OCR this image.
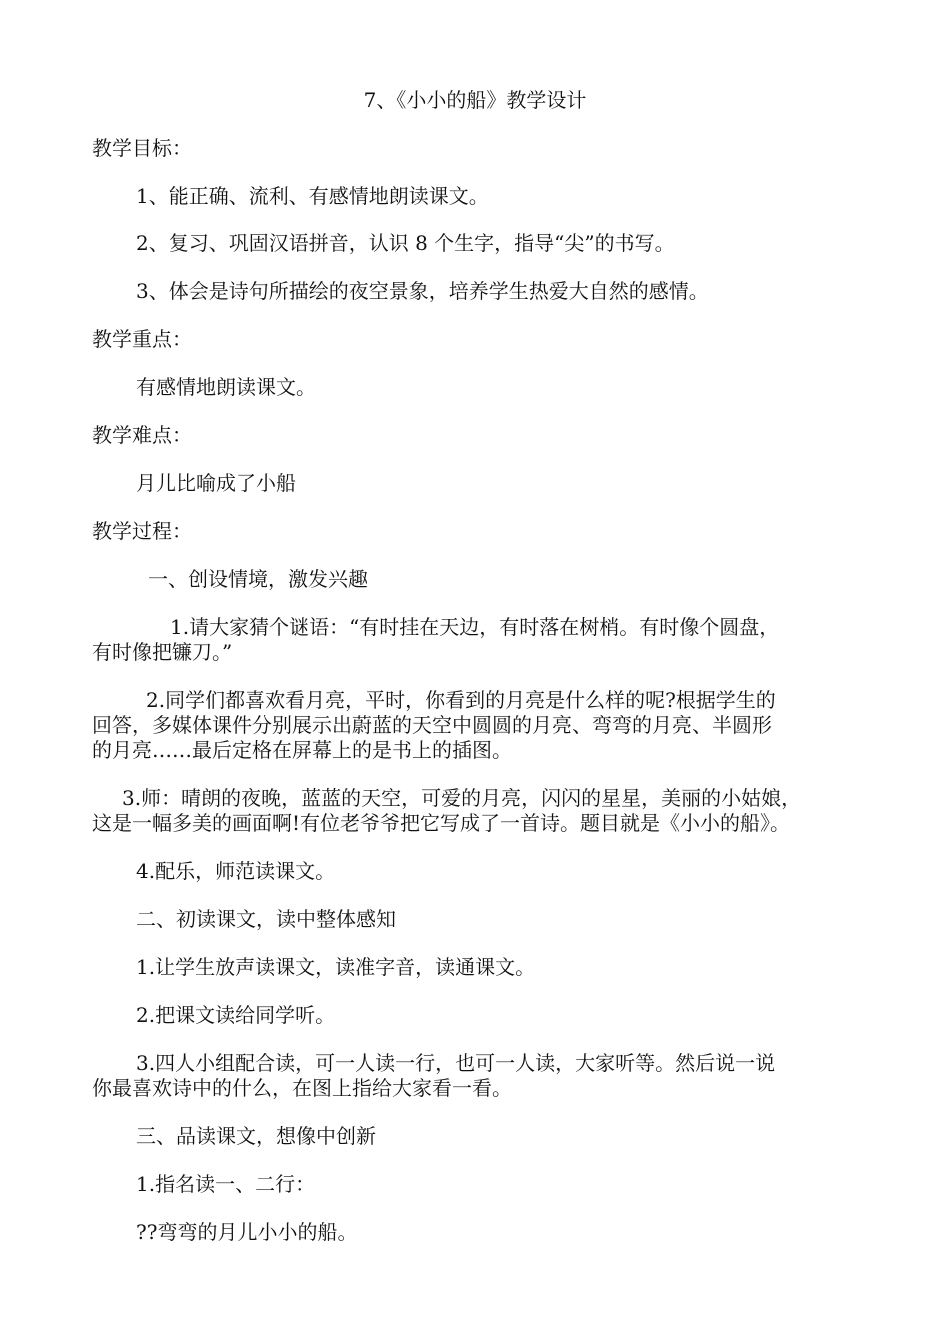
7、《小小的船》教学设计
教学目标：
1、能正确、流利、有感情地朗读课文。
2、复习、巩固汉语拼音，认识 8 个生字，指导“尖”的书写。
3、体会是诗句所描绘的夜空景象，培养学生热爱大自然的感情。
教学重点：
有感情地朗读课文。
教学难点：
月儿比喻成了小船
教学过程：
一、创设情境，激发兴趣
1.请大家猜个谜语：“有时挂在天边，有时落在树梢。有时像个圆盘，
有时像把镰刀。”
2.同学们都喜欢看月亮，平时，你看到的月亮是什么样的呢?根据学生的
回答，多媒体课件分别展示出蔚蓝的天空中圆圆的月亮、弯弯的月亮、半圆形
的月亮……最后定格在屏幕上的是书上的插图。
3.师：晴朗的夜晚，蓝蓝的天空，可爱的月亮，闪闪的星星，美丽的小姑娘，
这是一幅多美的画面啊!有位老爷爷把它写成了一首诗。题目就是《小小的船》。
4.配乐，师范读课文。
二、初读课文，读中整体感知
1.让学生放声读课文，读准字音，读通课文。
2.把课文读给同学听。
3.四人小组配合读，可一人读一行，也可一人读，大家听等。然后说一说
你最喜欢诗中的什么，在图上指给大家看一看。
三、品读课文，想像中创新
1.指名读一、二行：
??弯弯的月儿小小的船。
